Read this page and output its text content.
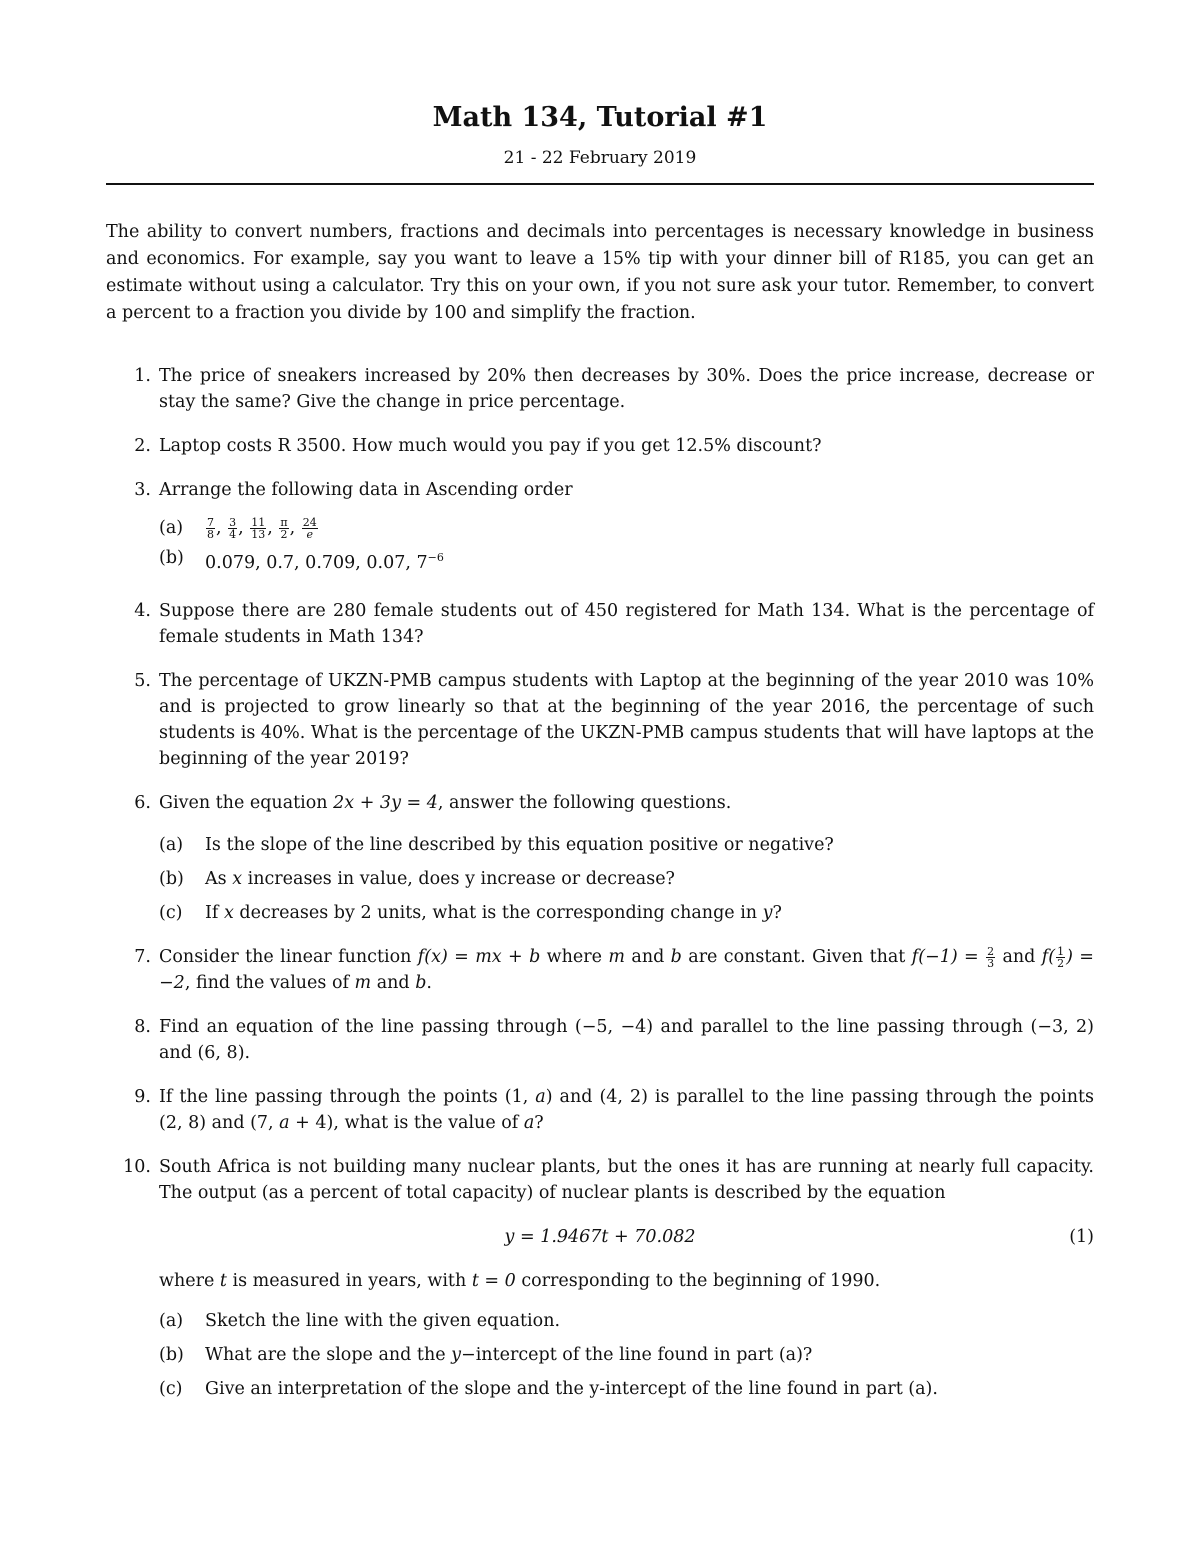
Math 134, Tutorial #1
21 - 22 February 2019
The ability to convert numbers, fractions and decimals into percentages is necessary knowledge in business and economics. For example, say you want to leave a 15% tip with your dinner bill of R185, you can get an estimate without using a calculator. Try this on your own, if you not sure ask your tutor. Remember, to convert a percent to a fraction you divide by 100 and simplify the fraction.
1. The price of sneakers increased by 20% then decreases by 30%. Does the price increase, decrease or stay the same? Give the change in price percentage.
2. Laptop costs R 3500. How much would you pay if you get 12.5% discount?
3. Arrange the following data in Ascending order
(a)	$\frac{7}{8}$ , $\frac{3}{4}$ , $\frac{11}{13}$ , $\frac{\pi}{2}$ , $\frac{24}{e}$
(b)	0.079, 0.7, 0.709, 0.07, $7^{-6}$
4. Suppose there are 280 female students out of 450 registered for Math 134. What is the percentage of female students in Math 134?
5. The percentage of UKZN-PMB campus students with Laptop at the beginning of the year 2010 was 10% and is projected to grow linearly so that at the beginning of the year 2016, the percentage of such students is 40%. What is the percentage of the UKZN-PMB campus students that will have laptops at the beginning of the year 2019?
6. Given the equation 2x + 3y = 4, answer the following questions.
(a)	Is the slope of the line described by this equation positive or negative?
(b)	As x increases in value, does y increase or decrease?
(c)	If x decreases by 2 units, what is the corresponding change in y?
7. Consider the linear function f(x) = mx + b where m and b are constant. Given that $f(-1) = \frac{2}{3}$ and $f( \frac{1}{2}$ ) = −2, find the values of m and b.
8. Find an equation of the line passing through (−5, −4) and parallel to the line passing through (−3, 2) and (6, 8).
9. If the line passing through the points (1, a) and (4, 2) is parallel to the line passing through the points (2, 8) and (7, a + 4), what is the value of a?
10. South Africa is not building many nuclear plants, but the ones it has are running at nearly full capacity. The output (as a percent of total capacity) of nuclear plants is described by the equation
y = 1.9467t + 70.082	(1)
where t is measured in years, with t = 0 corresponding to the beginning of 1990.
(a)	Sketch the line with the given equation.
(b)	What are the slope and the y−intercept of the line found in part (a)?
(c)	Give an interpretation of the slope and the y-intercept of the line found in part (a).
